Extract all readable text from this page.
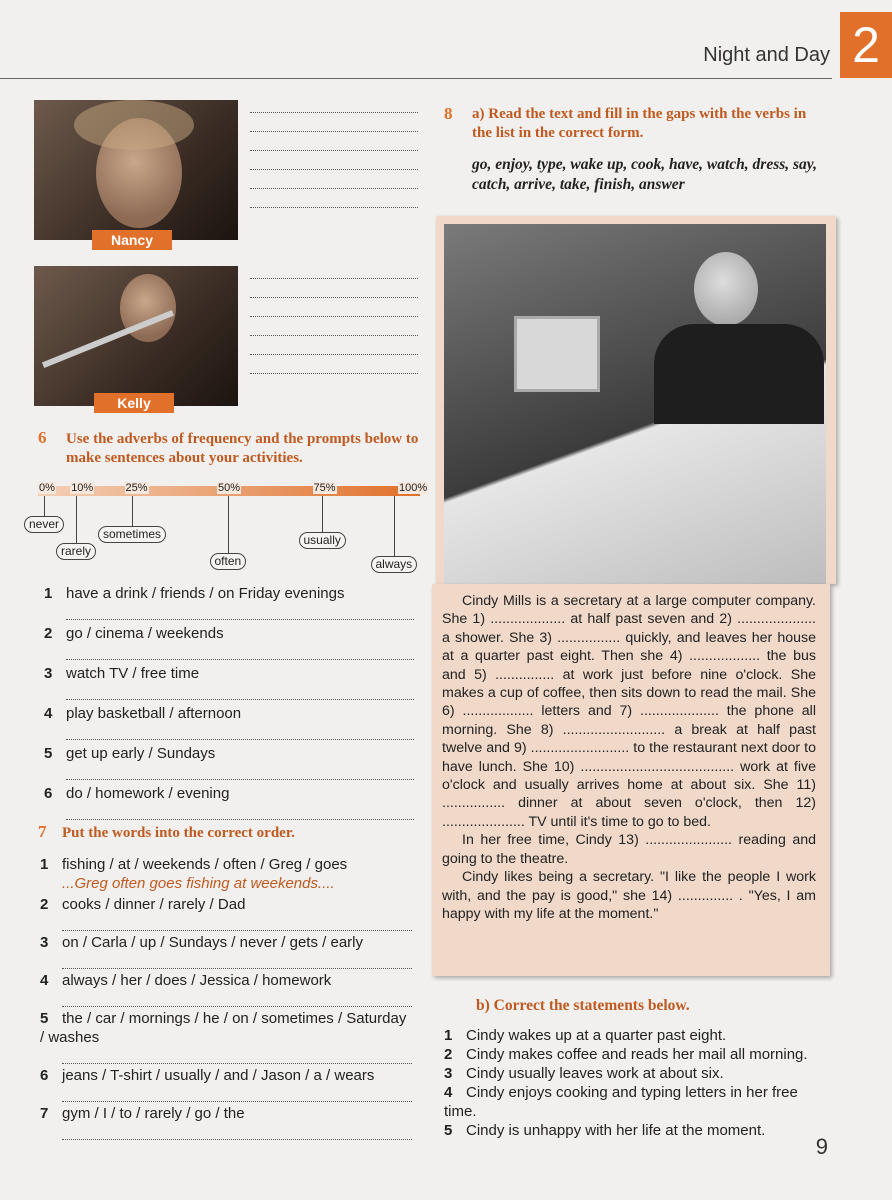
Night and Day 2
Nancy
Kelly
6 Use the adverbs of frequency and the prompts below to make sentences about your activities.
0% 10%	25%	50%	75%	100%
never
rarely
sometimes
often
usually
always
1 have a drink / friends / on Friday evenings
2 go / cinema / weekends
3 watch TV / free time
4 play basketball / afternoon
5 get up early / Sundays
6 do / homework / evening
7 Put the words into the correct order.
1 fishing / at / weekends / often / Greg / goes
...Greg often goes fishing at weekends....
2 cooks / dinner / rarely / Dad
3 on / Carla / up / Sundays / never / gets / early
4 always / her / does / Jessica / homework
5 the / car / mornings / he / on / sometimes / Saturday / washes
6 jeans / T-shirt / usually / and / Jason / a / wears
7 gym / I / to / rarely / go / the
8 a) Read the text and fill in the gaps with the verbs in the list in the correct form.
go, enjoy, type, wake up, cook, have, watch, dress, say, catch, arrive, take, finish, answer

Cindy Mills is a secretary at a large computer company. She 1) ................... at half past seven and 2) .................... a shower. She 3) ................ quickly, and leaves her house at a quarter past eight. Then she 4) .................. the bus and 5) ............... at work just before nine o'clock. She makes a cup of coffee, then sits down to read the mail. She 6) .................. letters and 7) .................... the phone all morning. She 8) .......................... a break at half past twelve and 9) ......................... to the restaurant next door to have lunch. She 10) ....................................... work at five o'clock and usually arrives home at about six. She 11) ................ dinner at about seven o'clock, then 12) ..................... TV until it's time to go to bed.

In her free time, Cindy 13) ...................... reading and going to the theatre.

Cindy likes being a secretary. "I like the people I work with, and the pay is good," she 14) .............. . "Yes, I am happy with my life at the moment."

b) Correct the statements below.
1 Cindy wakes up at a quarter past eight.
2 Cindy makes coffee and reads her mail all morning.
3 Cindy usually leaves work at about six.
4 Cindy enjoys cooking and typing letters in her free time.
5 Cindy is unhappy with her life at the moment.
9
